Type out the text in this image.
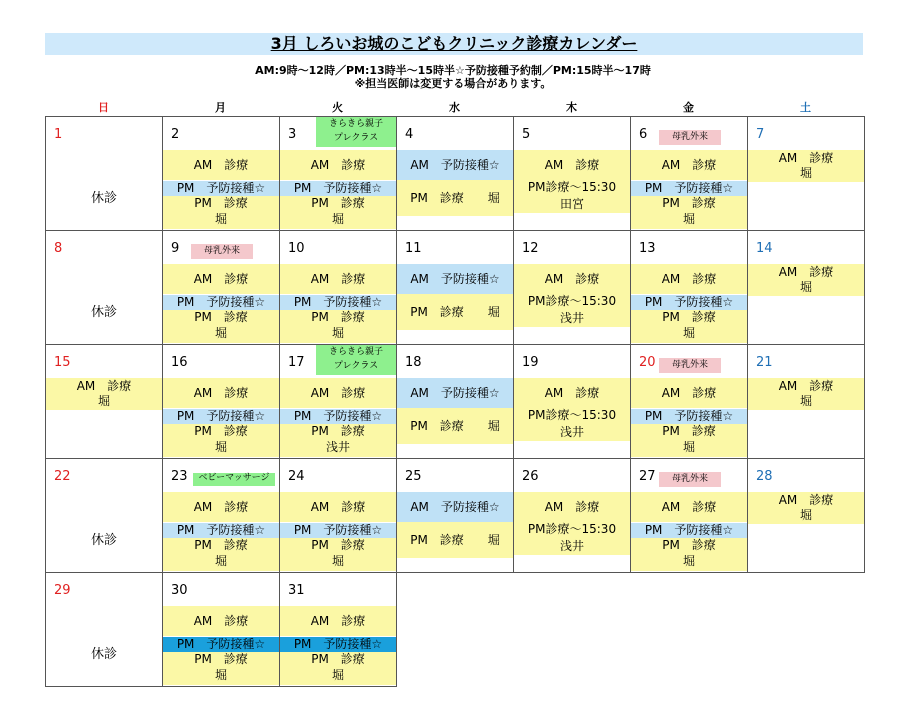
3月 しろいお城のこどもクリニック診療カレンダー
AM:9時～12時／PM:13時半～15時半☆予防接種予約制／PM:15時半～17時
※担当医師は変更する場合があります。
日	月	火	水	木	金	土
1
休診
2
AM　診療
PM　予防接種☆
PM　診療
堀
3
きらきら親子
プレクラス
AM　診療
PM　予防接種☆
PM　診療
堀
4
AM　予防接種☆
PM　診療　　堀
5
AM　診療
PM診療～15:30
田宮
6	母乳外来
AM　診療
PM　予防接種☆
PM　診療
堀
7
AM　診療
堀
8
休診
9	母乳外来
AM　診療
PM　予防接種☆
PM　診療
堀
10
AM　診療
PM　予防接種☆
PM　診療
堀
11
AM　予防接種☆
PM　診療　　堀
12
AM　診療
PM診療～15:30
浅井
13
AM　診療
PM　予防接種☆
PM　診療
堀
14
AM　診療
堀
15
AM　診療
堀
16
AM　診療
PM　予防接種☆
PM　診療
堀
17
きらきら親子
プレクラス
AM　診療
PM　予防接種☆
PM　診療
浅井
18
AM　予防接種☆
PM　診療　　堀
19
AM　診療
PM診療～15:30
浅井
20	母乳外来
AM　診療
PM　予防接種☆
PM　診療
堀
21
AM　診療
堀
22
休診
23	ベビーマッサージ
AM　診療
PM　予防接種☆
PM　診療
堀
24
AM　診療
PM　予防接種☆
PM　診療
堀
25
AM　予防接種☆
PM　診療　　堀
26
AM　診療
PM診療～15:30
浅井
27	母乳外来
AM　診療
PM　予防接種☆
PM　診療
堀
28
AM　診療
堀
29
休診
30
AM　診療
PM　予防接種☆
PM　診療
堀
31
AM　診療
PM　予防接種☆
PM　診療
堀
